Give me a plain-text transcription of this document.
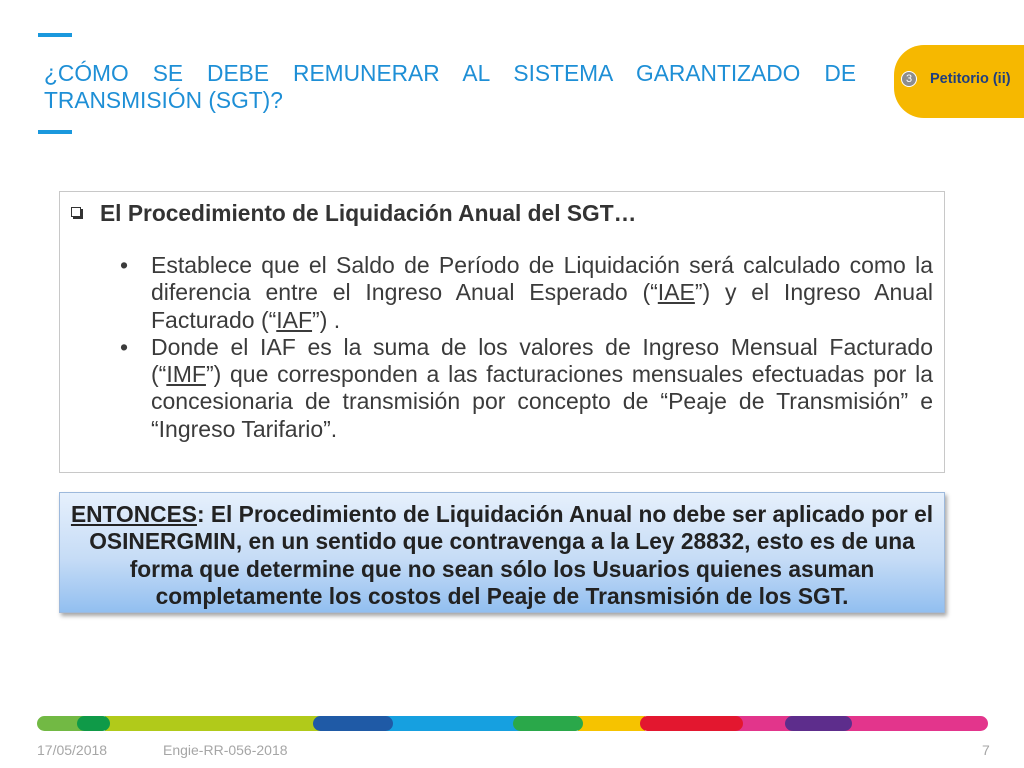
¿CÓMO SE DEBE REMUNERAR AL SISTEMA GARANTIZADO DE TRANSMISIÓN (SGT)?
3	Petitorio (ii)
El Procedimiento de Liquidación Anual del SGT…

• Establece que el Saldo de Período de Liquidación será calculado como la diferencia entre el Ingreso Anual Esperado (“IAE”) y el Ingreso Anual Facturado (“IAF”) .

• Donde el IAF es la suma de los valores de Ingreso Mensual Facturado (“IMF”) que corresponden a las facturaciones mensuales efectuadas por la concesionaria de transmisión por concepto de “Peaje de Transmisión” e “Ingreso Tarifario”.

ENTONCES: El Procedimiento de Liquidación Anual no debe ser aplicado por el OSINERGMIN, en un sentido que contravenga a la Ley 28832, esto es de una forma que determine que no sean sólo los Usuarios quienes asuman completamente los costos del Peaje de Transmisión de los SGT.

17/05/2018	Engie-RR-056-2018	7
